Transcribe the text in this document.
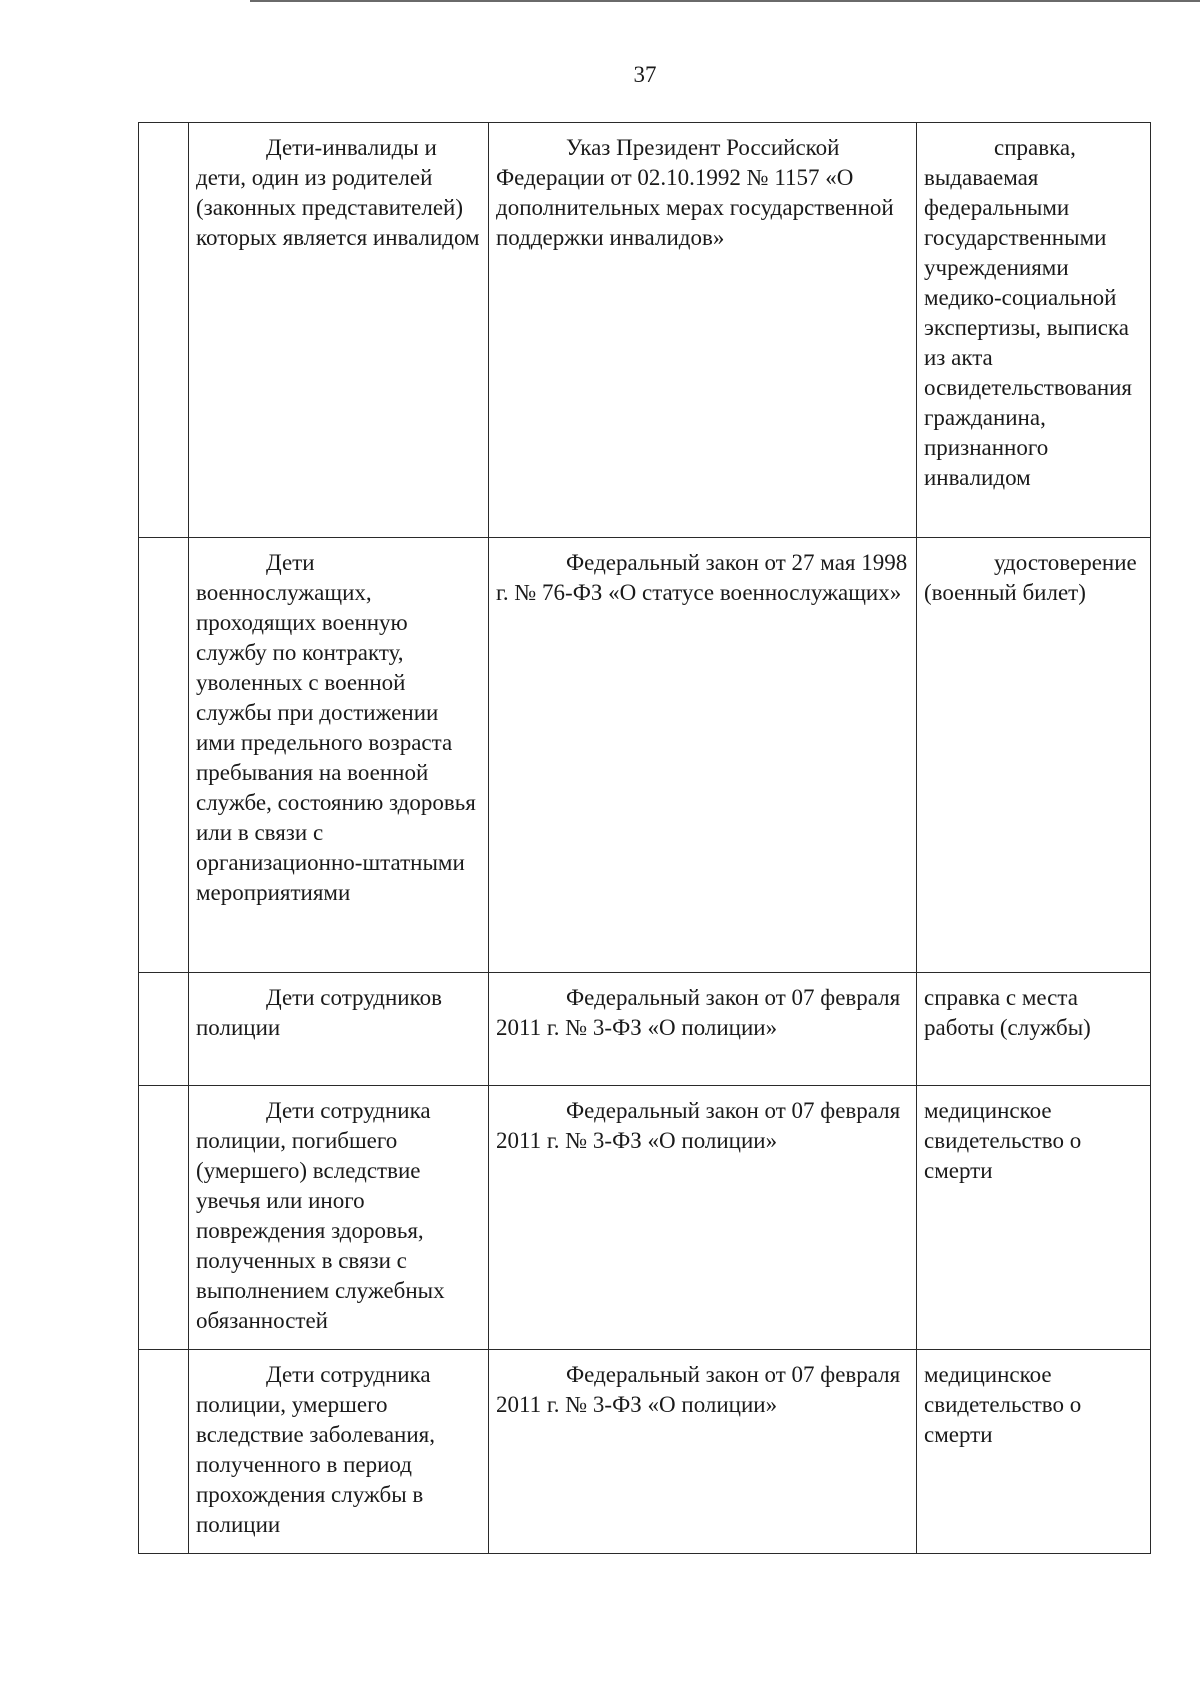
37
	Дети-инвалиды и дети, один из родителей (законных представителей) которых является инвалидом	Указ Президент Российской Федерации от 02.10.1992 № 1157 «О дополнительных мерах государственной поддержки инвалидов»	справка, выдаваемая федеральными государственными учреждениями медико-социальной экспертизы, выписка из акта освидетельствования гражданина, признанного инвалидом
	Дети военнослужащих, проходящих военную службу по контракту, уволенных с военной службы при достижении ими предельного возраста пребывания на военной службе, состоянию здоровья или в связи с организационно-штатными мероприятиями	Федеральный закон от 27 мая 1998 г. № 76-ФЗ «О статусе военнослужащих»	удостоверение (военный билет)
	Дети сотрудников полиции	Федеральный закон от 07 февраля 2011 г. № 3-ФЗ «О полиции»	справка с места работы (службы)
	Дети сотрудника полиции, погибшего (умершего) вследствие увечья или иного повреждения здоровья, полученных в связи с выполнением служебных обязанностей	Федеральный закон от 07 февраля 2011 г. № 3-ФЗ «О полиции»	медицинское свидетельство о смерти
	Дети сотрудника полиции, умершего вследствие заболевания, полученного в период прохождения службы в полиции	Федеральный закон от 07 февраля 2011 г. № 3-ФЗ «О полиции»	медицинское свидетельство о смерти
